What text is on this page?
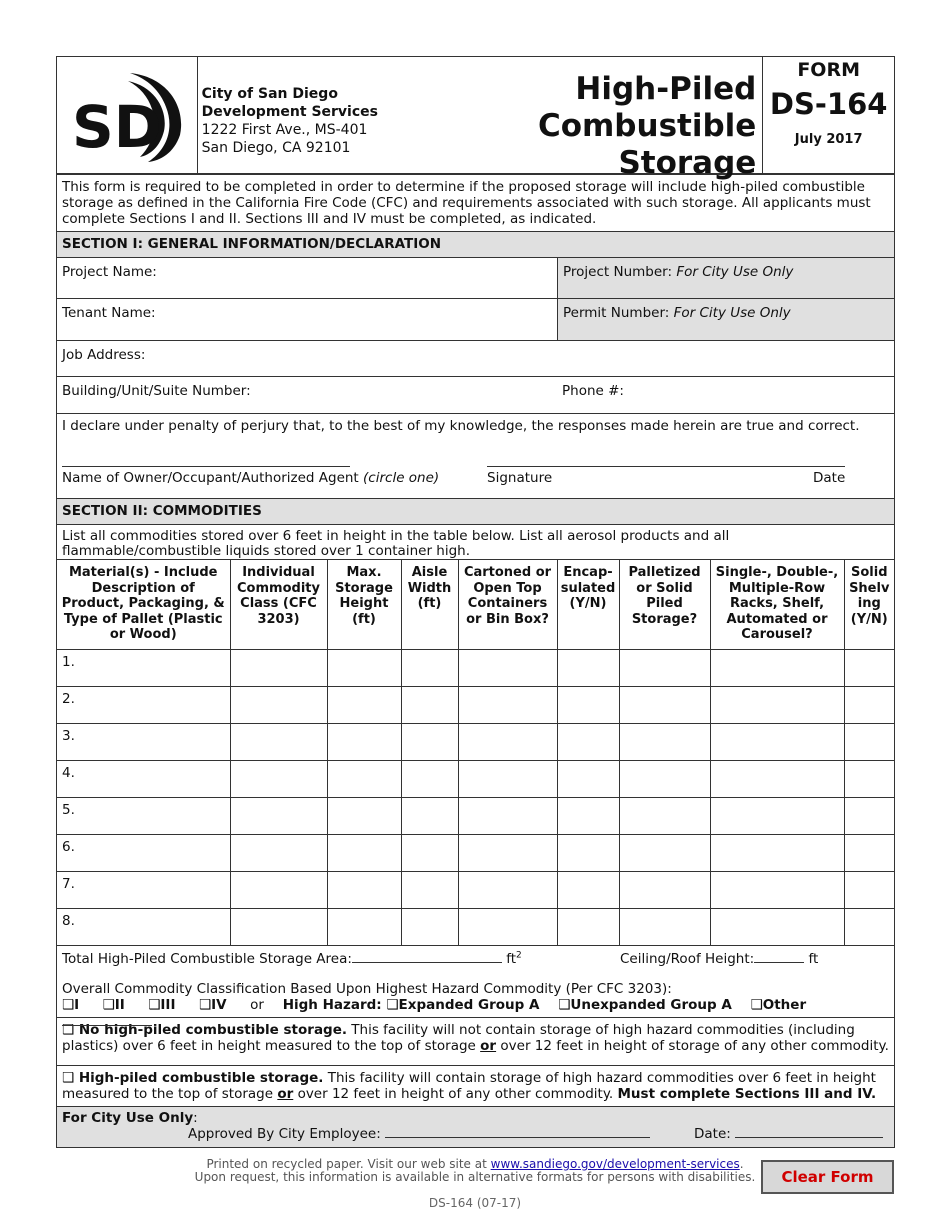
SD	City of San Diego
Development Services
1222 First Ave., MS-401
San Diego, CA 92101
High-Piled
Combustible Storage
FORM
DS-164
July 2017
This form is required to be completed in order to determine if the proposed storage will include high-piled combustible storage as defined in the California Fire Code (CFC) and requirements associated with such storage. All applicants must complete Sections I and II. Sections III and IV must be completed, as indicated.
SECTION I: GENERAL INFORMATION/DECLARATION
Project Name:	Project Number: For City Use Only
Tenant Name:	Permit Number: For City Use Only
Job Address:
Building/Unit/Suite Number:	Phone #:
I declare under penalty of perjury that, to the best of my knowledge, the responses made herein are true and correct.
Name of Owner/Occupant/Authorized Agent (circle one)	Signature	Date
SECTION II: COMMODITIES
List all commodities stored over 6 feet in height in the table below. List all aerosol products and all flammable/combustible liquids stored over 1 container high.
Material(s) - Include Description of Product, Packaging, & Type of Pallet (Plastic or Wood)	Individual Commodity Class (CFC 3203)	Max. Storage Height (ft)	Aisle Width (ft)	Cartoned or Open Top Containers or Bin Box?	Encap-sulated (Y/N)	Palletized or Solid Piled Storage?	Single-, Double-, Multiple-Row Racks, Shelf, Automated or Carousel?	Solid Shelv ing (Y/N)
1.								
2.								
3.								
4.								
5.								
6.								
7.								
8.								
Total High-Piled Combustible Storage Area:	$ft^2$	Ceiling/Roof Height:	ft
Overall Commodity Classification Based Upon Highest Hazard Commodity (Per CFC 3203):
❑I ❑II ❑III ❑IV or High Hazard: ❑Expanded Group A ❑Unexpanded Group A ❑Other
❑ No high-piled combustible storage. This facility will not contain storage of high hazard commodities (including plastics) over 6 feet in height measured to the top of storage or over 12 feet in height of storage of any other commodity.
❑ High-piled combustible storage. This facility will contain storage of high hazard commodities over 6 feet in height measured to the top of storage or over 12 feet in height of any other commodity. Must complete Sections III and IV.
For City Use Only:
Approved By City Employee:	Date:
Printed on recycled paper. Visit our web site at www.sandiego.gov/development-services.
Upon request, this information is available in alternative formats for persons with disabilities.	Clear Form
DS-164 (07-17)
